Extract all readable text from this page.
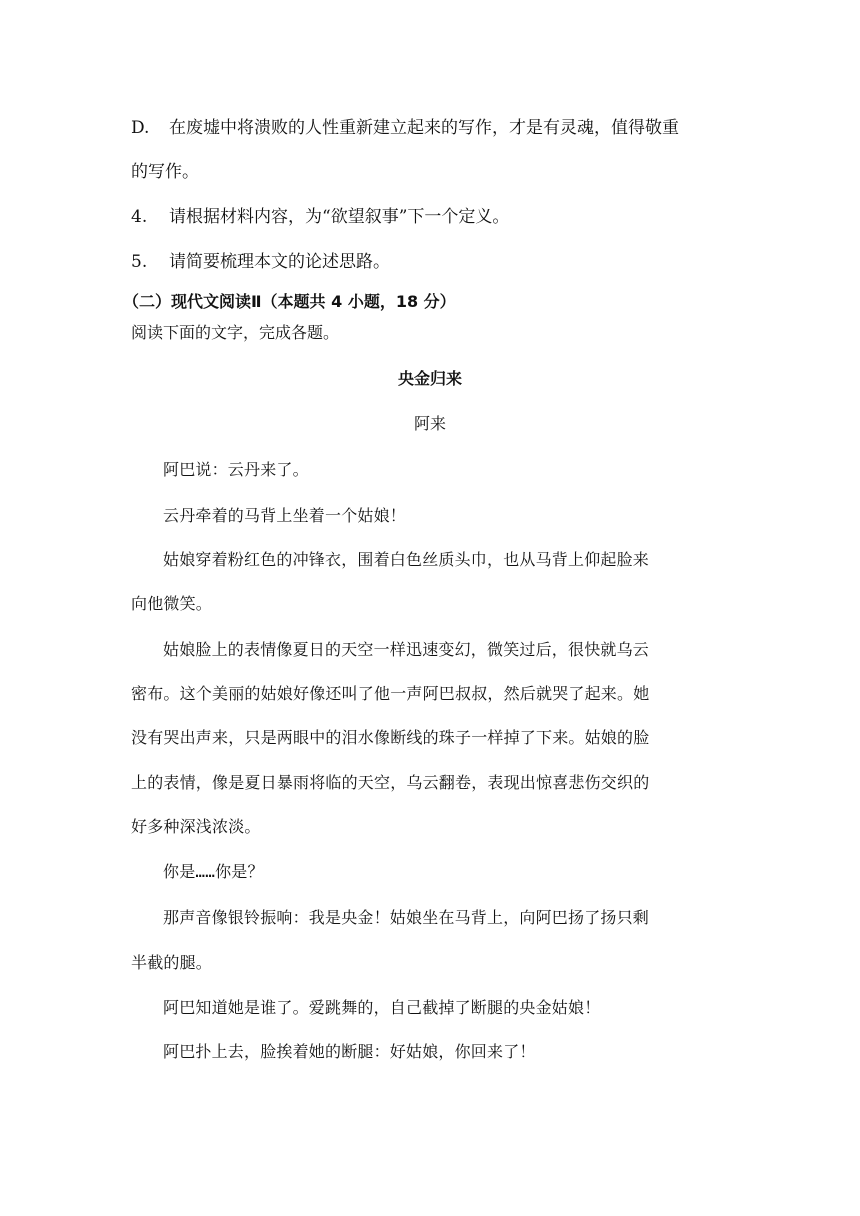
D. 在废墟中将溃败的人性重新建立起来的写作，才是有灵魂，值得敬重
的写作。
4. 请根据材料内容，为“欲望叙事”下一个定义。
5. 请简要梳理本文的论述思路。
（二）现代文阅读Ⅱ（本题共 4 小题，18 分）
阅读下面的文字，完成各题。
央金归来
阿来
阿巴说：云丹来了。
云丹牵着的马背上坐着一个姑娘！
姑娘穿着粉红色的冲锋衣，围着白色丝质头巾，也从马背上仰起脸来
向他微笑。
姑娘脸上的表情像夏日的天空一样迅速变幻，微笑过后，很快就乌云
密布。这个美丽的姑娘好像还叫了他一声阿巴叔叔，然后就哭了起来。她
没有哭出声来，只是两眼中的泪水像断线的珠子一样掉了下来。姑娘的脸
上的表情，像是夏日暴雨将临的天空，乌云翻卷，表现出惊喜悲伤交织的
好多种深浅浓淡。
你是……你是？
那声音像银铃振响：我是央金！姑娘坐在马背上，向阿巴扬了扬只剩
半截的腿。
阿巴知道她是谁了。爱跳舞的，自己截掉了断腿的央金姑娘！
阿巴扑上去，脸挨着她的断腿：好姑娘，你回来了！
